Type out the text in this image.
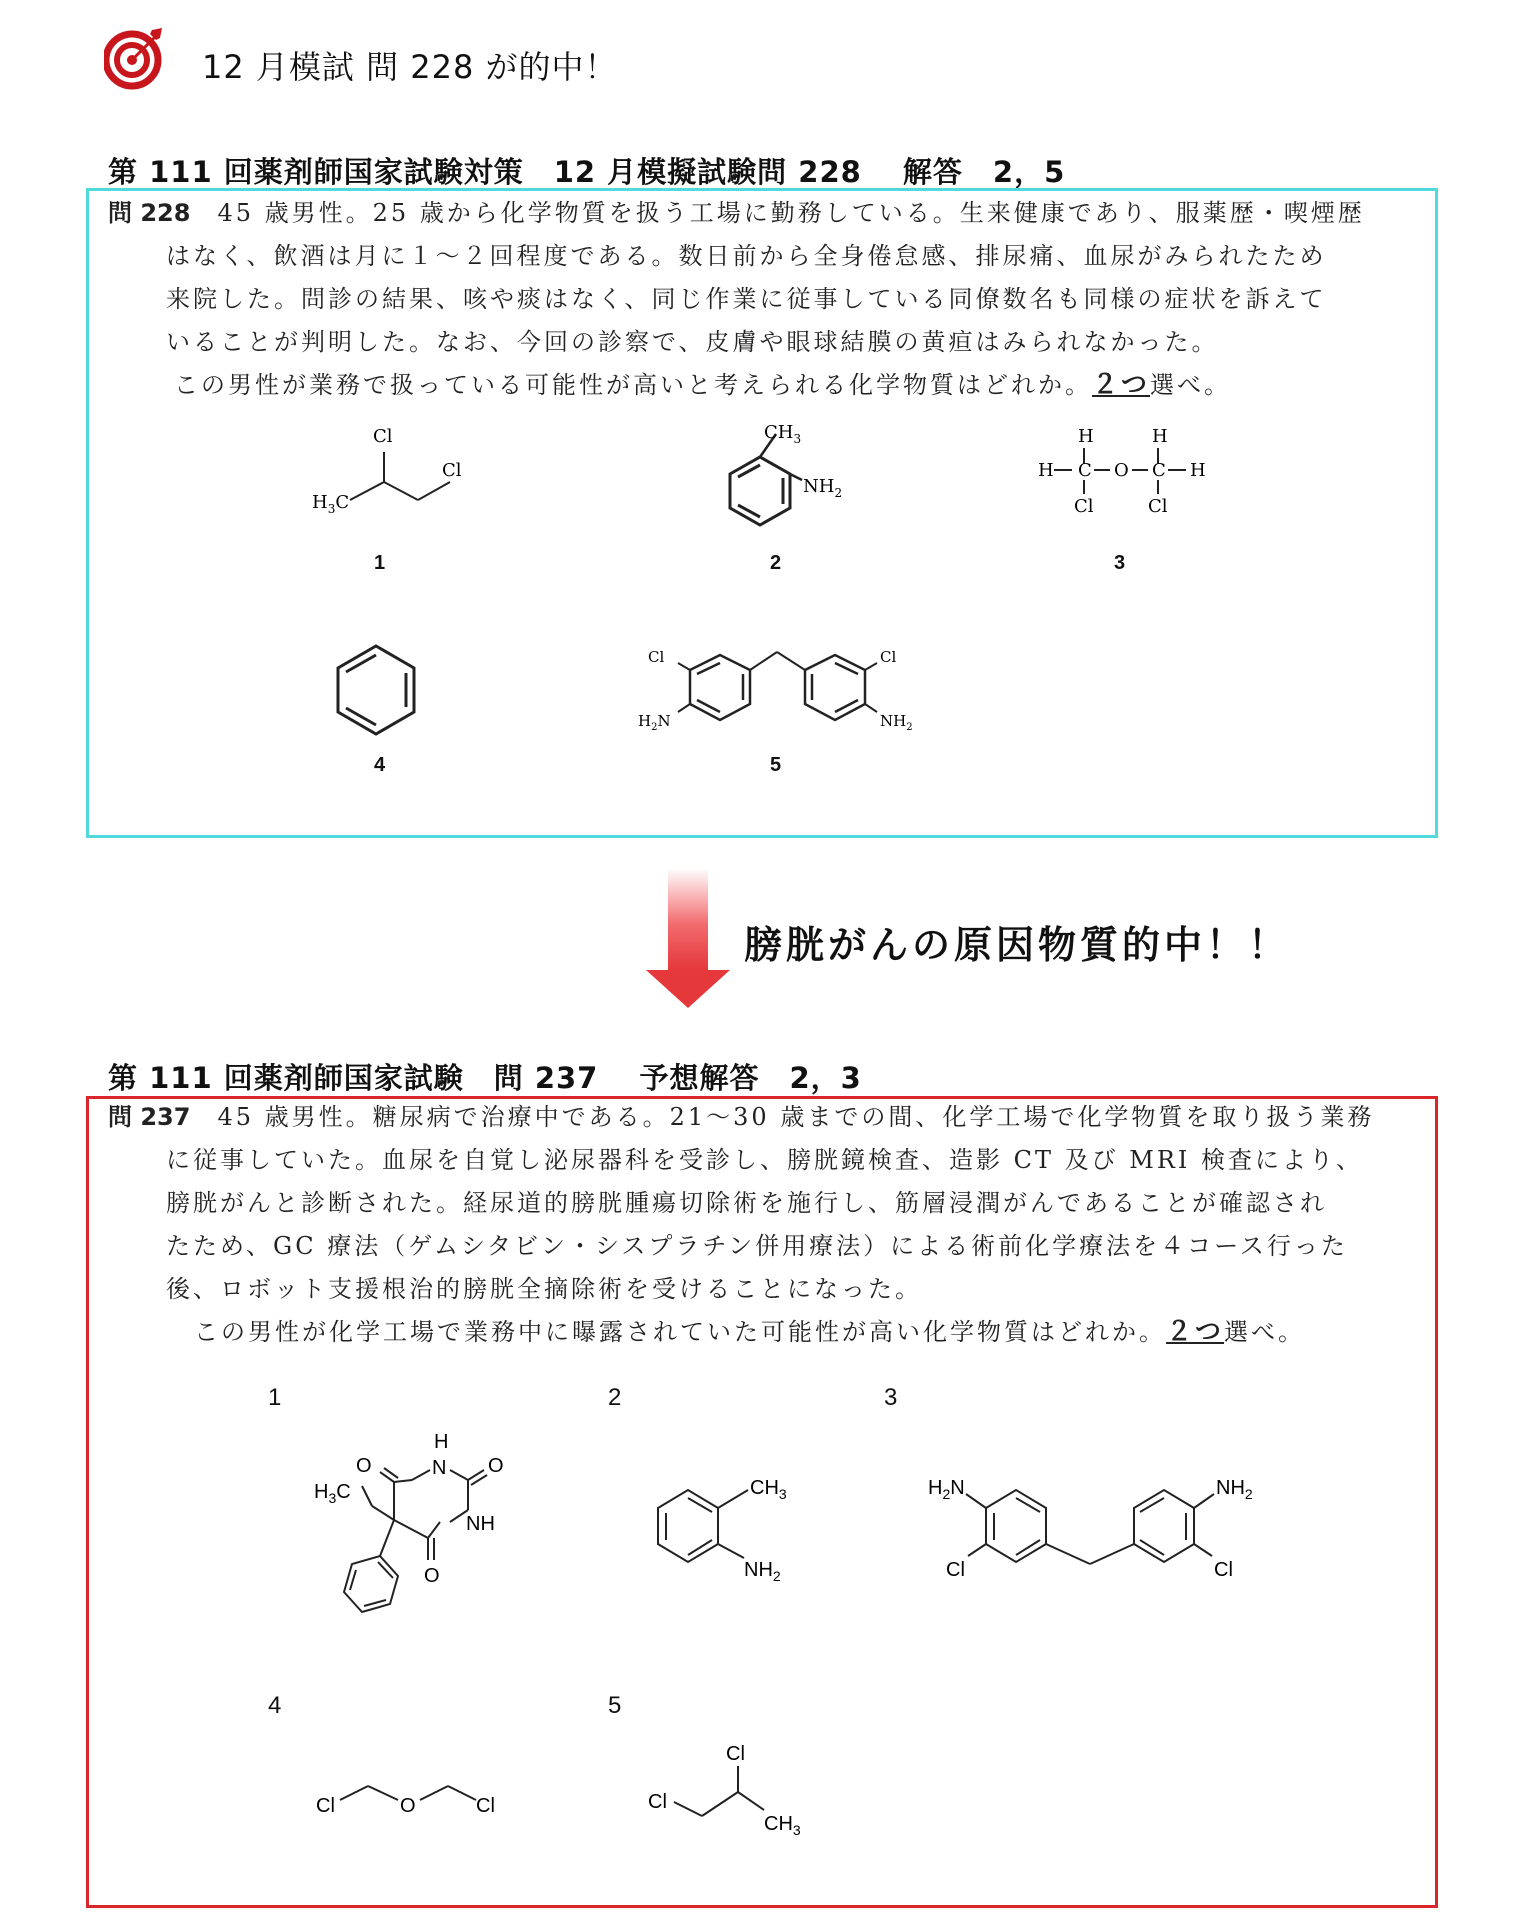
12 月模試 問 228 が的中！
第 111 回薬剤師国家試験対策　12 月模擬試験問 228　 解答　2，5
問 228　 45 歳男性。25 歳から化学物質を扱う工場に勤務している。生来健康であり、服薬歴・喫煙歴
はなく、飲酒は月に１～２回程度である。数日前から全身倦怠感、排尿痛、血尿がみられたため
来院した。問診の結果、咳や痰はなく、同じ作業に従事している同僚数名も同様の症状を訴えて
いることが判明した。なお、今回の診察で、皮膚や眼球結膜の黄疸はみられなかった。
この男性が業務で扱っている可能性が高いと考えられる化学物質はどれか。２つ選べ。
Cl
Cl
$H_3C$
1
$CH_3$
$NH_2$
2
H	H
H C O C H
Cl	Cl
3
4
Cl	Cl
$H_2N$	$NH_2$
5
膀胱がんの原因物質的中！！
第 111 回薬剤師国家試験　問 237　 予想解答　2，3
問 237　 45 歳男性。糖尿病で治療中である。21～30 歳までの間、化学工場で化学物質を取り扱う業務
に従事していた。血尿を自覚し泌尿器科を受診し、膀胱鏡検査、造影 CT 及び MRI 検査により、
膀胱がんと診断された。経尿道的膀胱腫瘍切除術を施行し、筋層浸潤がんであることが確認され
たため、GC 療法（ゲムシタビン・シスプラチン併用療法）による術前化学療法を４コース行った
後、ロボット支援根治的膀胱全摘除術を受けることになった。
この男性が化学工場で業務中に曝露されていた可能性が高い化学物質はどれか。２つ選べ。
1	2	3
4	5
H
N
O	O
NH
O
$H_3C$	$CH_3$
$NH_2$
$H_2N$
Cl
$NH_2$
Cl
Cl	O	Cl
Cl
Cl
$CH_3$
